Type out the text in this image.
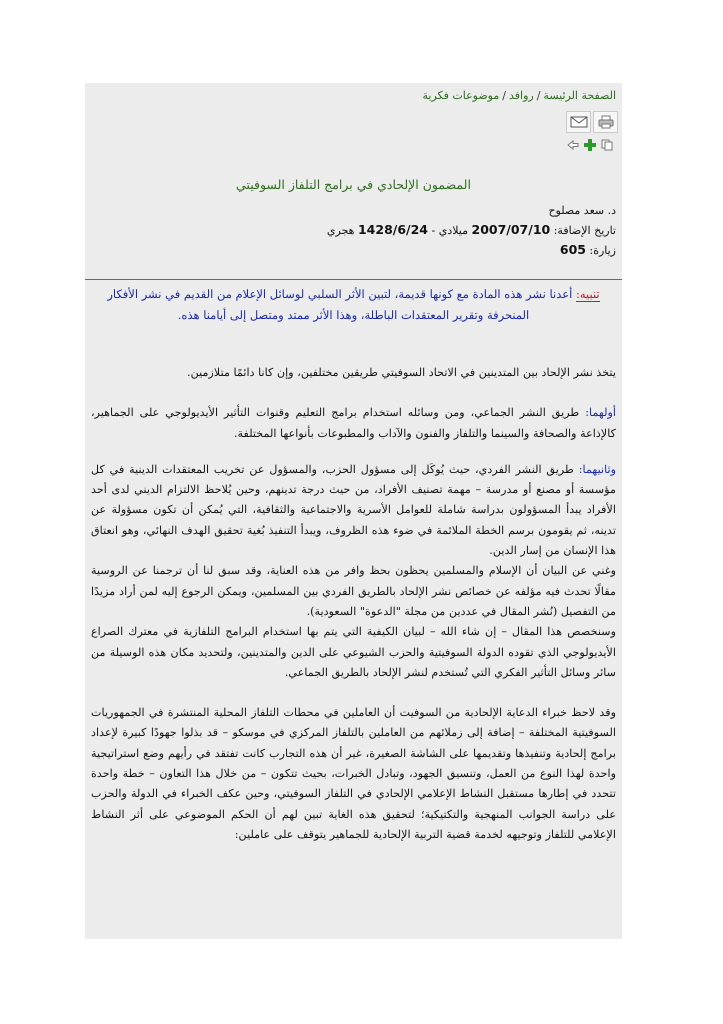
الصفحة الرئيسة/روافد/موضوعات فكرية
المضمون الإلحادي في برامج التلفاز السوفيتي
د. سعد مصلوح
تاريخ الإضافة: 2007/07/10 ميلادي - 1428/6/24 هجري
زيارة: 605
تنبيه: أعدنا نشر هذه المادة مع كونها قديمة، لتبين الأثر السلبي لوسائل الإعلام من القديم في نشر الأفكار المنحرفة وتقرير المعتقدات الباطلة، وهذا الأثر ممتد ومتصل إلى أيامنا هذه.

يتخذ نشر الإلحاد بين المتدينين في الاتحاد السوفيتي طريقين مختلفين، وإن كانا دائمًا متلازمين.

أولهما: طريق النشر الجماعي، ومن وسائله استخدام برامج التعليم وقنوات التأثير الأيديولوجي على الجماهير، كالإذاعة والصحافة والسينما والتلفاز والفنون والآداب والمطبوعات بأنواعها المختلفة.

وثانيهما: طريق النشر الفردي، حيث يُوكَل إلى مسؤول الحزب، والمسؤول عن تخريب المعتقدات الدينية في كل مؤسسة أو مصنع أو مدرسة – مهمة تصنيف الأفراد، من حيث درجة تدينهم، وحين يُلاحظ الالتزام الديني لدى أحد الأفراد يبدأ المسؤولون بدراسة شاملة للعوامل الأسرية والاجتماعية والثقافية، التي يُمكن أن تكون مسؤولة عن تدينه، ثم يقومون برسم الخطة الملائمة في ضوء هذه الظروف، ويبدأ التنفيذ بُغية تحقيق الهدف النهائي، وهو انعتاق هذا الإنسان من إسار الدين.
وغني عن البيان أن الإسلام والمسلمين يحظون بحظ وافر من هذه العناية، وقد سبق لنا أن ترجمنا عن الروسية مقالًا تحدث فيه مؤلفه عن خصائص نشر الإلحاد بالطريق الفردي بين المسلمين، ويمكن الرجوع إليه لمن أراد مزيدًا من التفصيل (نُشر المقال في عددين من مجلة "الدعوة" السعودية).
وسنخصص هذا المقال – إن شاء الله – لبيان الكيفية التي يتم بها استخدام البرامج التلفازية في معترك الصراع الأيديولوجي الذي تقوده الدولة السوفيتية والحزب الشيوعي على الدين والمتدينين، ولتحديد مكان هذه الوسيلة من سائر وسائل التأثير الفكري التي تُستخدم لنشر الإلحاد بالطريق الجماعي.

وقد لاحظ خبراء الدعاية الإلحادية من السوفيت أن العاملين في محطات التلفاز المحلية المنتشرة في الجمهوريات السوفيتية المختلفة – إضافة إلى زملائهم من العاملين بالتلفاز المركزي في موسكو – قد بذلوا جهودًا كبيرة لإعداد برامج إلحادية وتنفيذها وتقديمها على الشاشة الصغيرة، غير أن هذه التجارب كانت تفتقد في رأيهم وضع استراتيجية واحدة لهذا النوع من العمل، وتنسيق الجهود، وتبادل الخبرات، بحيث تتكون – من خلال هذا التعاون – خطة واحدة تتحدد في إطارها مستقبل النشاط الإعلامي الإلحادي في التلفاز السوفيتي، وحين عكف الخبراء في الدولة والحزب على دراسة الجوانب المنهجية والتكتيكية؛ لتحقيق هذه الغاية تبين لهم أن الحكم الموضوعي على أثر النشاط الإعلامي للتلفاز وتوجيهه لخدمة قضية التربية الإلحادية للجماهير يتوقف على عاملين:
